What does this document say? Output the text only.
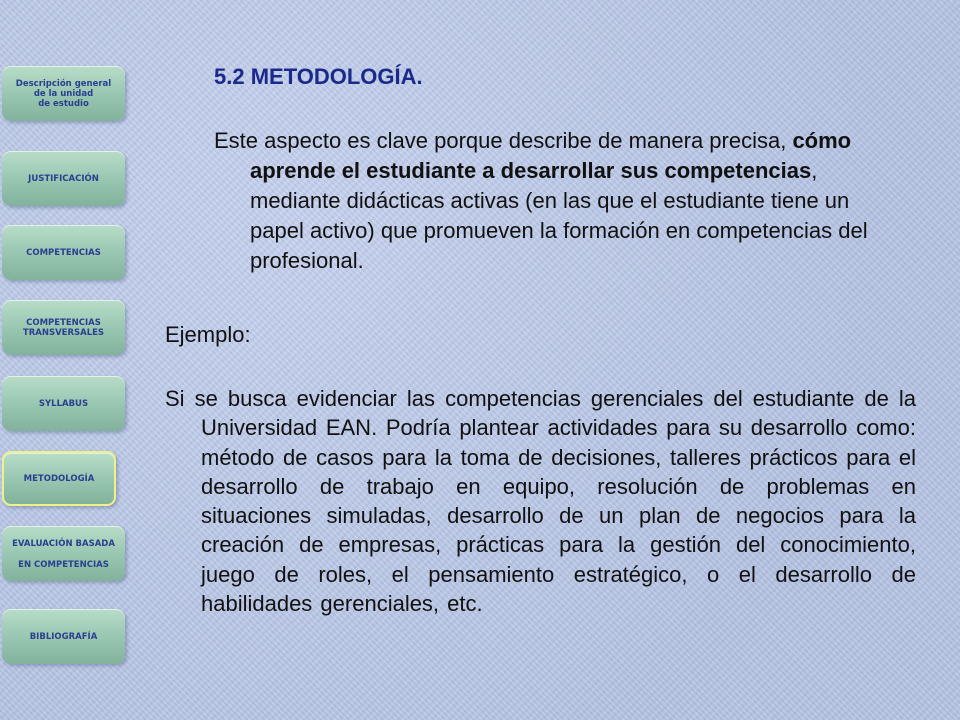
Descripción general
de la unidad
de estudio
JUSTIFICACIÓN
COMPETENCIAS
COMPETENCIAS
TRANSVERSALES
SYLLABUS
METODOLOGÍA
EVALUACIÓN BASADA
EN COMPETENCIAS
BIBLIOGRAFÍA
5.2 METODOLOGÍA.

Este aspecto es clave porque describe de manera precisa, cómo aprende el estudiante a desarrollar sus competencias, mediante didácticas activas (en las que el estudiante tiene un papel activo) que promueven la formación en competencias del profesional.

Ejemplo:

Si se busca evidenciar las competencias gerenciales del estudiante de la Universidad EAN. Podría plantear actividades para su desarrollo como: método de casos para la toma de decisiones, talleres prácticos para el desarrollo de trabajo en equipo, resolución de problemas en situaciones simuladas, desarrollo de un plan de negocios para la creación de empresas, prácticas para la gestión del conocimiento, juego de roles, el pensamiento estratégico, o el desarrollo de habilidades gerenciales, etc.
